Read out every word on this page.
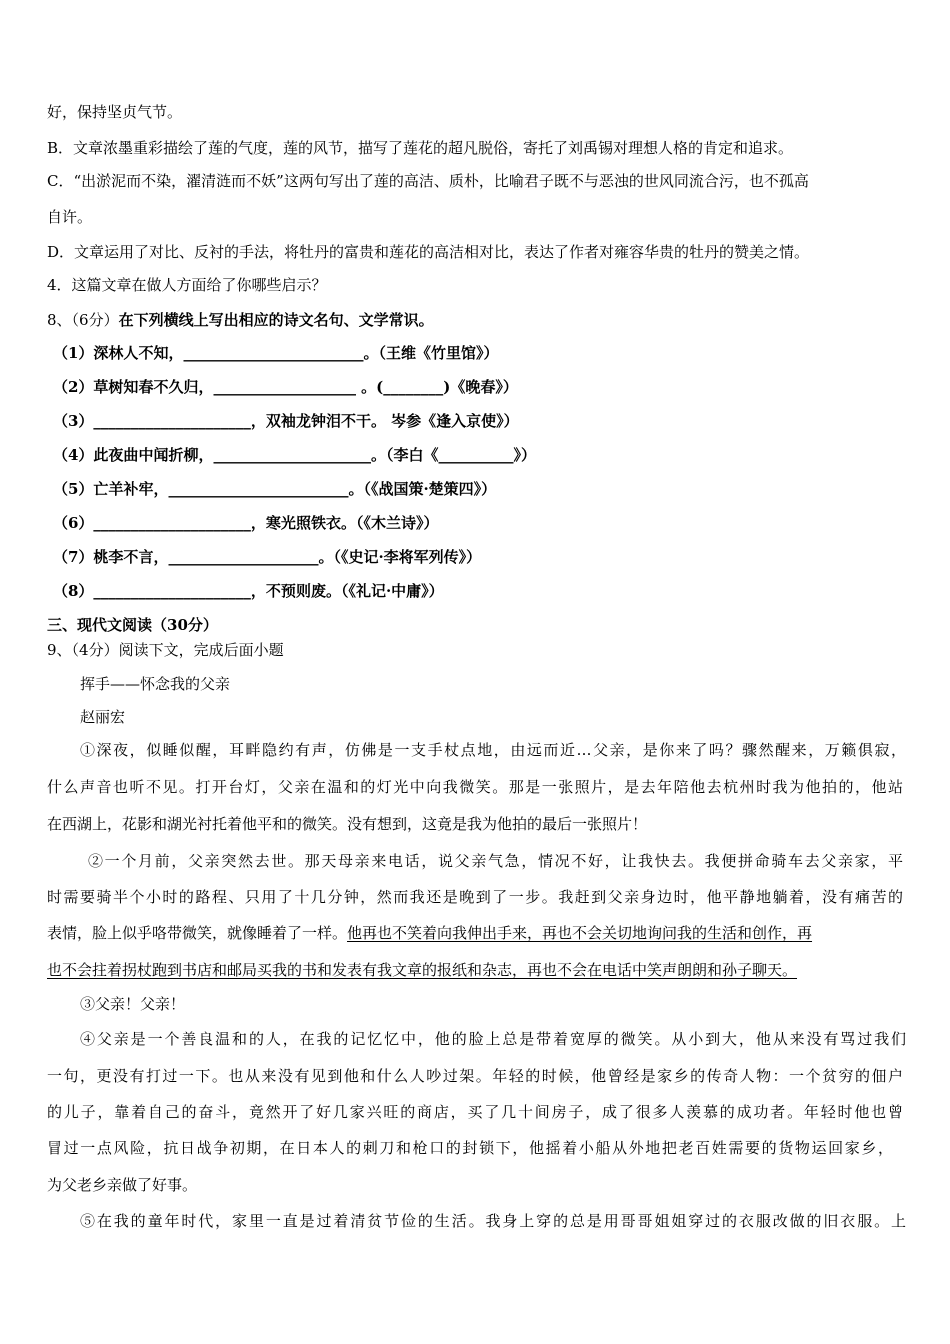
好，保持坚贞气节。
B．文章浓墨重彩描绘了莲的气度，莲的风节，描写了莲花的超凡脱俗，寄托了刘禹锡对理想人格的肯定和追求。
C．“出淤泥而不染，濯清涟而不妖”这两句写出了莲的高洁、质朴，比喻君子既不与恶浊的世风同流合污，也不孤高
自许。
D．文章运用了对比、反衬的手法，将牡丹的富贵和莲花的高洁相对比，表达了作者对雍容华贵的牡丹的赞美之情。
4．这篇文章在做人方面给了你哪些启示？
8、（6分）在下列横线上写出相应的诗文名句、文学常识。
（1）深林人不知，________________________。（王维《竹里馆》）
（2）草树知春不久归，___________________ 。(________)《晚春》）
（3）_____________________，双袖龙钟泪不干。 岑参《逢入京使》）
（4）此夜曲中闻折柳，_____________________。（李白《__________》）
（5）亡羊补牢，________________________。（《战国策·楚策四》）
（6）_____________________，寒光照铁衣。（《木兰诗》）
（7）桃李不言，____________________。（《史记·李将军列传》）
（8）_____________________，不预则废。（《礼记·中庸》）
三、现代文阅读（30分）
9、（4分）阅读下文，完成后面小题
挥手——怀念我的父亲
赵丽宏
①深夜，似睡似醒，耳畔隐约有声，仿佛是一支手杖点地，由远而近…父亲，是你来了吗？骤然醒来，万籁俱寂，
什么声音也听不见。打开台灯，父亲在温和的灯光中向我微笑。那是一张照片，是去年陪他去杭州时我为他拍的，他站
在西湖上，花影和湖光衬托着他平和的微笑。没有想到，这竟是我为他拍的最后一张照片！
②一个月前，父亲突然去世。那天母亲来电话，说父亲气急，情况不好，让我快去。我便拼命骑车去父亲家，平
时需要骑半个小时的路程、只用了十几分钟，然而我还是晚到了一步。我赶到父亲身边时，他平静地躺着，没有痛苦的
表情，脸上似乎咯带微笑，就像睡着了一样。他再也不笑着向我伸出手来，再也不会关切地询问我的生活和创作，再
也不会拄着拐杖跑到书店和邮局买我的书和发表有我文章的报纸和杂志，再也不会在电话中笑声朗朗和孙子聊天。
③父亲！父亲！
④父亲是一个善良温和的人，在我的记忆忆中，他的脸上总是带着宽厚的微笑。从小到大，他从来没有骂过我们
一句，更没有打过一下。也从来没有见到他和什么人吵过架。年轻的时候，他曾经是家乡的传奇人物：一个贫穷的佃户
的儿子，靠着自己的奋斗，竟然开了好几家兴旺的商店，买了几十间房子，成了很多人羡慕的成功者。年轻时他也曾
冒过一点风险，抗日战争初期，在日本人的刺刀和枪口的封锁下，他摇着小船从外地把老百姓需要的货物运回家乡，
为父老乡亲做了好事。
⑤在我的童年时代，家里一直是过着清贫节俭的生活。我身上穿的总是用哥哥姐姐穿过的衣服改做的旧衣服。上
